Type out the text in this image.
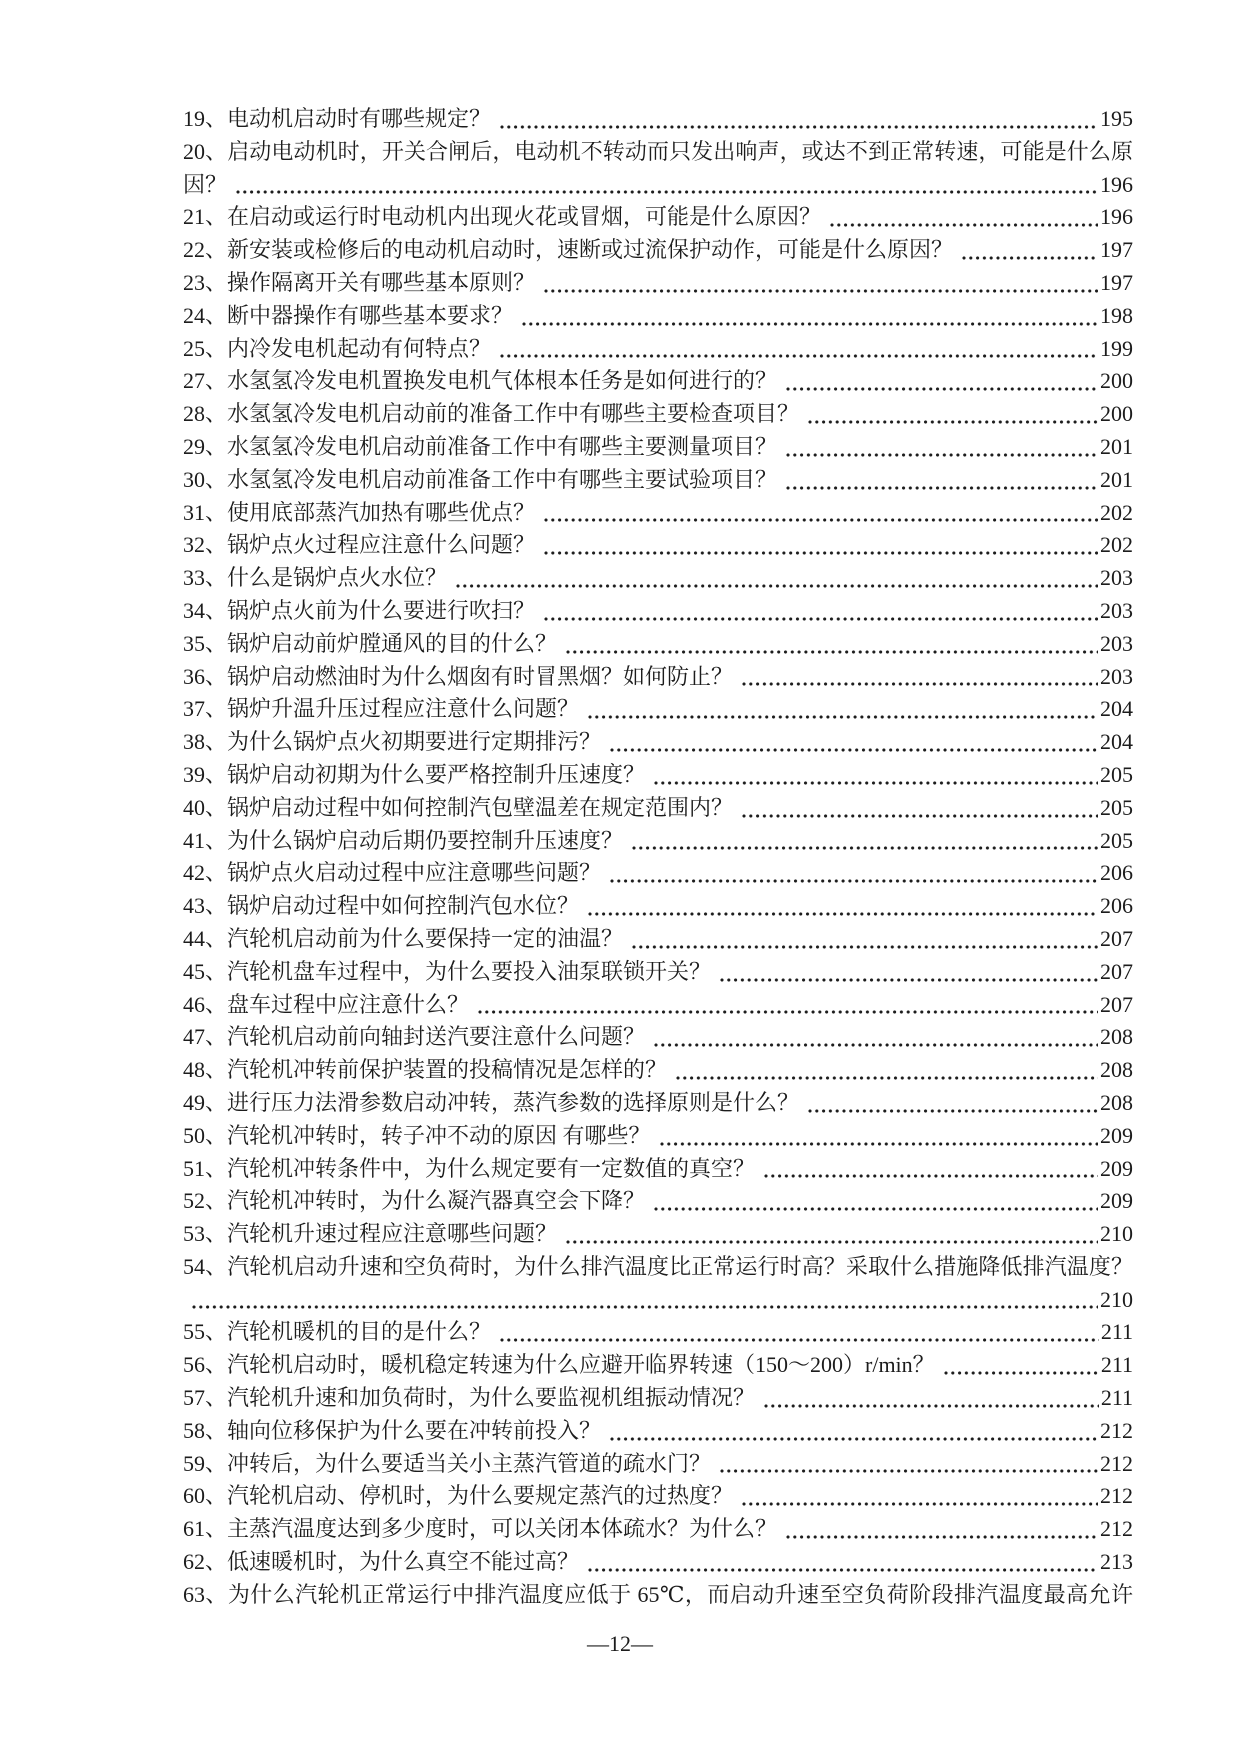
19、电动机启动时有哪些规定？	195
20、启动电动机时，开关合闸后，电动机不转动而只发出响声，或达不到正常转速，可能是什么原
因？	196
21、在启动或运行时电动机内出现火花或冒烟，可能是什么原因？	196
22、新安装或检修后的电动机启动时，速断或过流保护动作，可能是什么原因？	197
23、操作隔离开关有哪些基本原则？	197
24、断中器操作有哪些基本要求？	198
25、内冷发电机起动有何特点？	199
27、水氢氢冷发电机置换发电机气体根本任务是如何进行的？	200
28、水氢氢冷发电机启动前的准备工作中有哪些主要检查项目？	200
29、水氢氢冷发电机启动前准备工作中有哪些主要测量项目？	201
30、水氢氢冷发电机启动前准备工作中有哪些主要试验项目？	201
31、使用底部蒸汽加热有哪些优点？	202
32、锅炉点火过程应注意什么问题？	202
33、什么是锅炉点火水位？	203
34、锅炉点火前为什么要进行吹扫？	203
35、锅炉启动前炉膛通风的目的什么？	203
36、锅炉启动燃油时为什么烟囱有时冒黑烟？如何防止？	203
37、锅炉升温升压过程应注意什么问题？	204
38、为什么锅炉点火初期要进行定期排污？	204
39、锅炉启动初期为什么要严格控制升压速度？	205
40、锅炉启动过程中如何控制汽包壁温差在规定范围内？	205
41、为什么锅炉启动后期仍要控制升压速度？	205
42、锅炉点火启动过程中应注意哪些问题？	206
43、锅炉启动过程中如何控制汽包水位？	206
44、汽轮机启动前为什么要保持一定的油温？	207
45、汽轮机盘车过程中，为什么要投入油泵联锁开关？	207
46、盘车过程中应注意什么？	207
47、汽轮机启动前向轴封送汽要注意什么问题？	208
48、汽轮机冲转前保护装置的投稿情况是怎样的？	208
49、进行压力法滑参数启动冲转，蒸汽参数的选择原则是什么？	208
50、汽轮机冲转时，转子冲不动的原因 有哪些？	209
51、汽轮机冲转条件中，为什么规定要有一定数值的真空？	209
52、汽轮机冲转时，为什么凝汽器真空会下降？	209
53、汽轮机升速过程应注意哪些问题？	210
54、汽轮机启动升速和空负荷时，为什么排汽温度比正常运行时高？采取什么措施降低排汽温度？
210
55、汽轮机暖机的目的是什么？	211
56、汽轮机启动时，暖机稳定转速为什么应避开临界转速（150～200）r/min？	211
57、汽轮机升速和加负荷时，为什么要监视机组振动情况？	211
58、轴向位移保护为什么要在冲转前投入？	212
59、冲转后，为什么要适当关小主蒸汽管道的疏水门？	212
60、汽轮机启动、停机时，为什么要规定蒸汽的过热度？	212
61、主蒸汽温度达到多少度时，可以关闭本体疏水？为什么？	212
62、低速暖机时，为什么真空不能过高？	213
63、为什么汽轮机正常运行中排汽温度应低于 65℃，而启动升速至空负荷阶段排汽温度最高允许
—12—
